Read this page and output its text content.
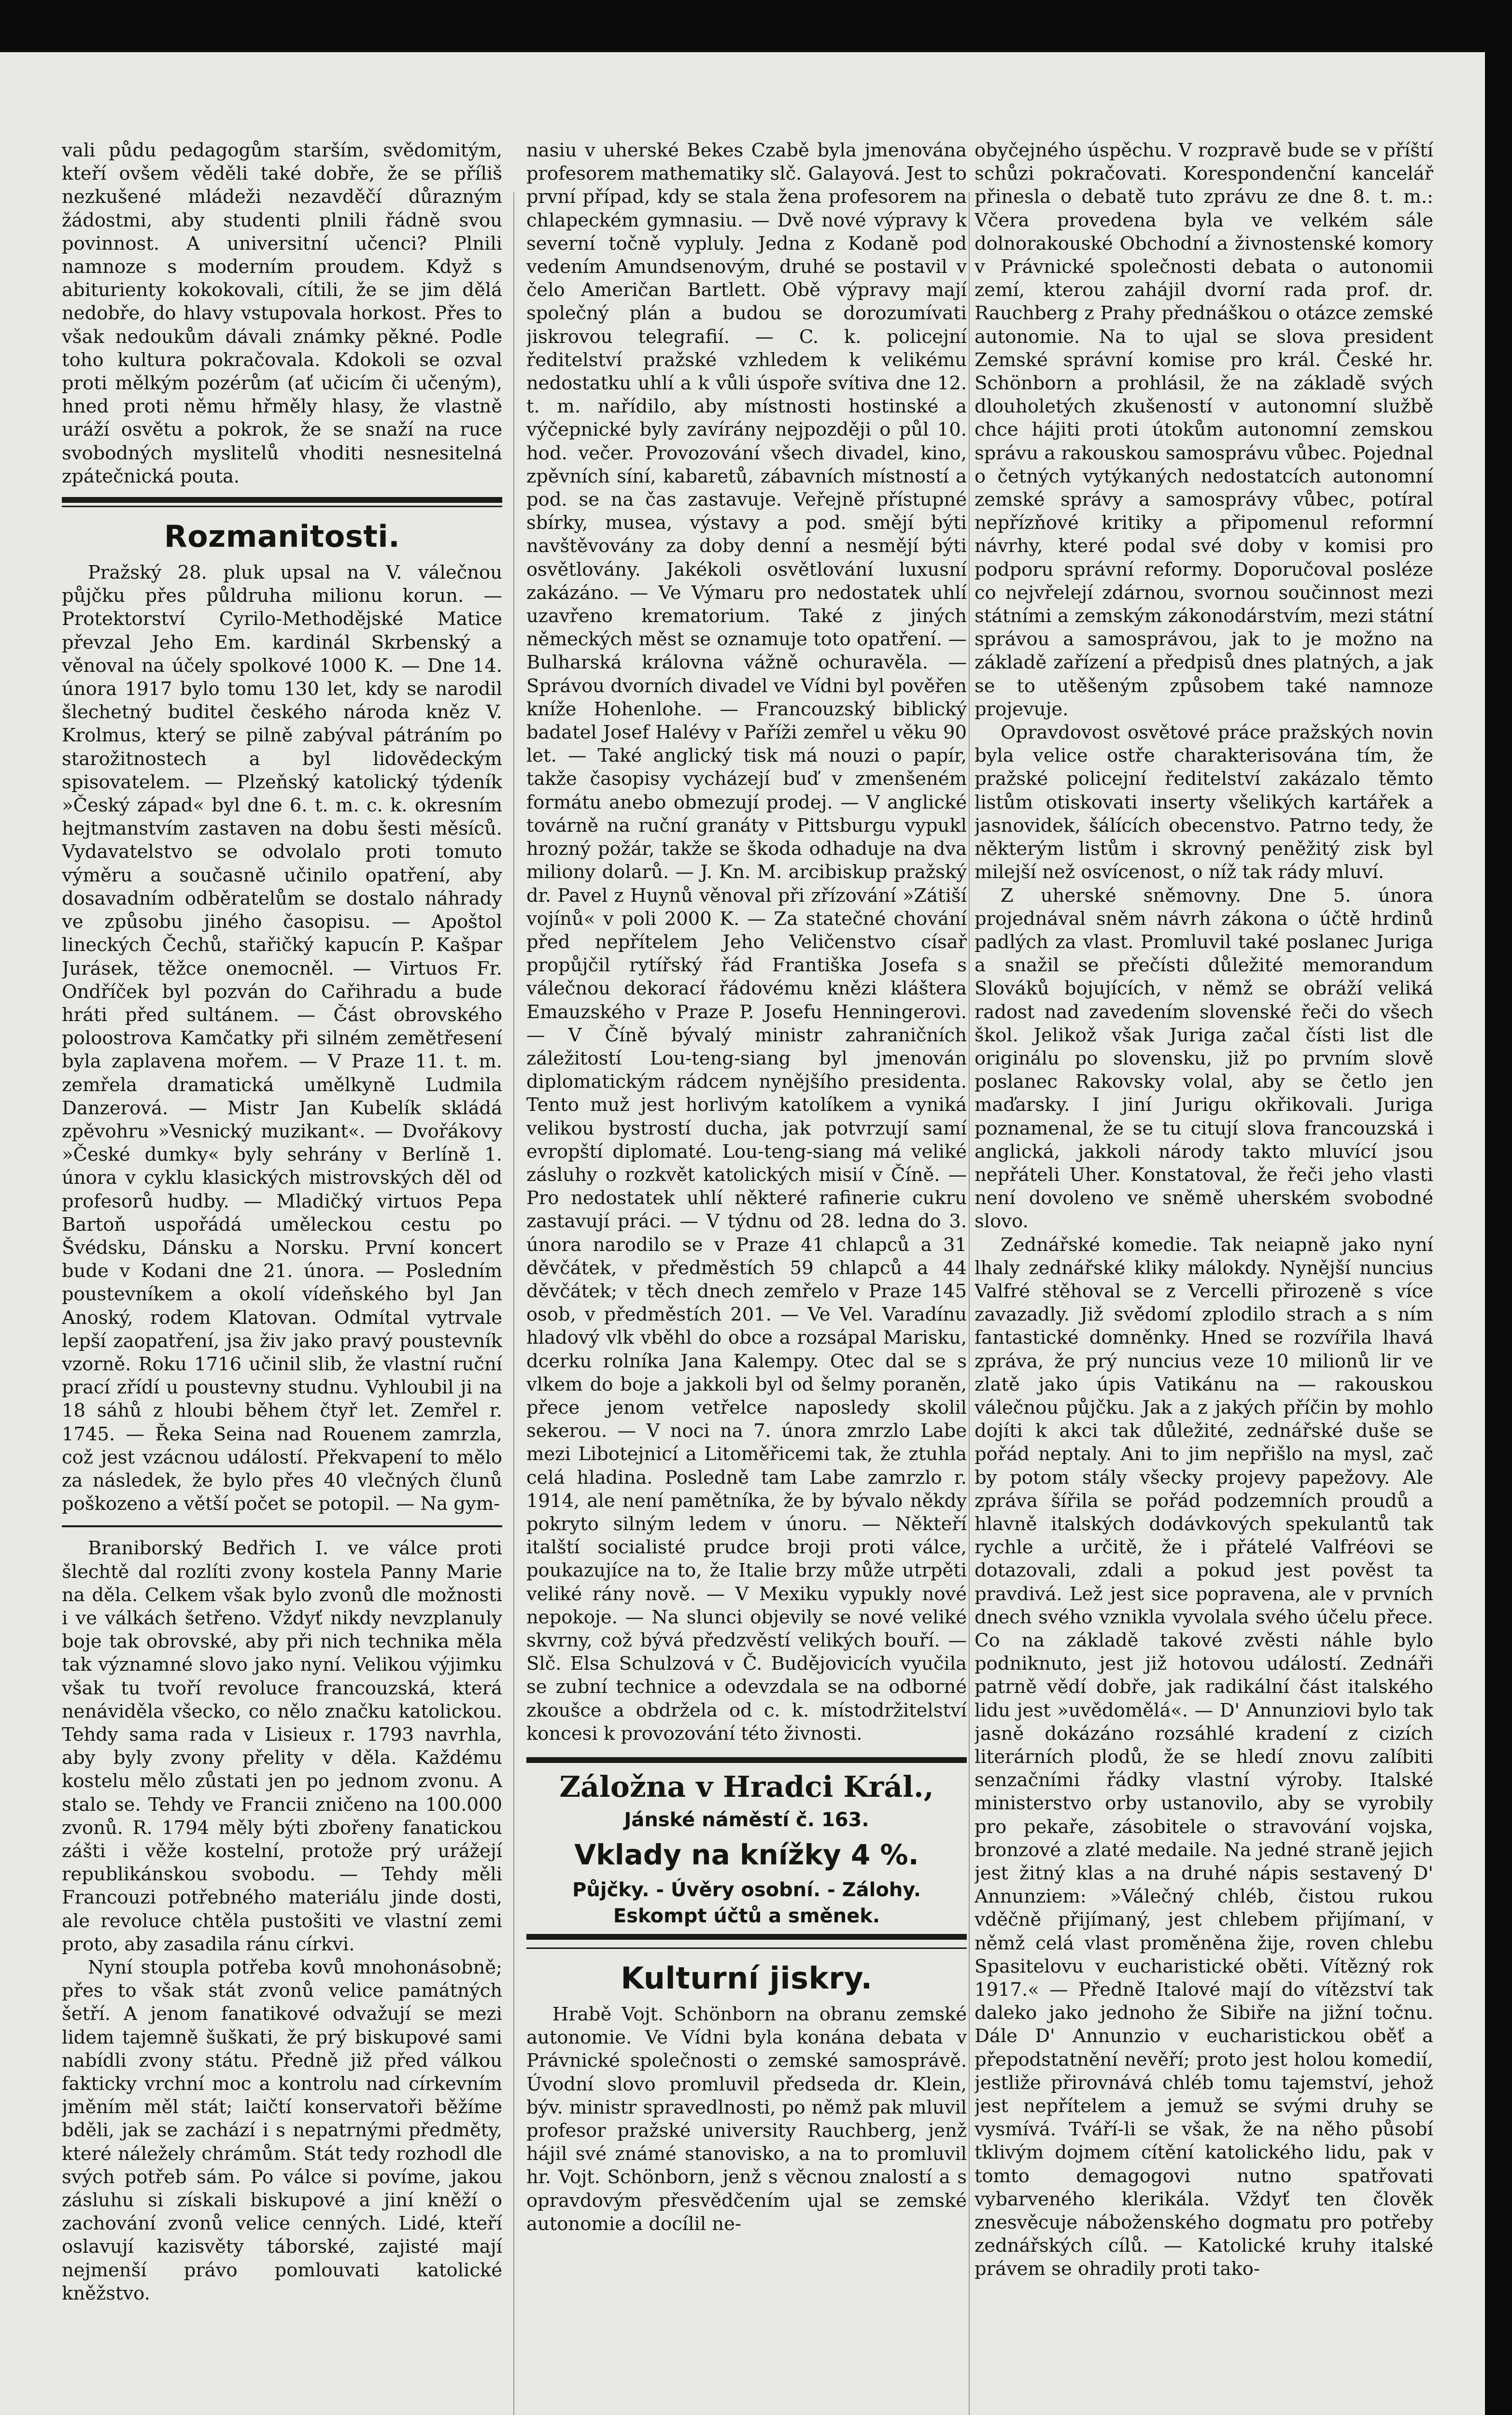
vali půdu pedagogům starším, svědomitým, kteří ovšem věděli také dobře, že se příliš nezkušené mládeži nezavděčí důrazným žádostmi, aby studenti plnili řádně svou povinnost. A universitní učenci? Plnili namnoze s moderním proudem. Když s abiturienty kokokovali, cítili, že se jim dělá nedobře, do hlavy vstupovala horkost. Přes to však nedoukům dávali známky pěkné. Podle toho kultura pokračovala. Kdokoli se ozval proti mělkým pozérům (ať učicím či učeným), hned proti němu hřměly hlasy, že vlastně uráží osvětu a pokrok, že se snaží na ruce svobodných myslitelů vhoditi nesnesitelná zpátečnická pouta.

Rozmanitosti.

Pražský 28. pluk upsal na V. válečnou půjčku přes půldruha milionu korun. — Protektorství Cyrilo-Methodějské Matice převzal Jeho Em. kardinál Skrbenský a věnoval na účely spolkové 1000 K. — Dne 14. února 1917 bylo tomu 130 let, kdy se narodil šlechetný buditel českého národa kněz V. Krolmus, který se pilně zabýval pátráním po starožitnostech a byl lidovědeckým spisovatelem. — Plzeňský katolický týdeník »Český západ« byl dne 6. t. m. c. k. okresním hejtmanstvím zastaven na dobu šesti měsíců. Vydavatelstvo se odvolalo proti tomuto výměru a současně učinilo opatření, aby dosavadním odběratelům se dostalo náhrady ve způsobu jiného časopisu. — Apoštol lineckých Čechů, stařičký kapucín P. Kašpar Jurásek, těžce onemocněl. — Virtuos Fr. Ondříček byl pozván do Cařihradu a bude hráti před sultánem. — Část obrovského poloostrova Kamčatky při silném zemětřesení byla zaplavena mořem. — V Praze 11. t. m. zemřela dramatická umělkyně Ludmila Danzerová. — Mistr Jan Kubelík skládá zpěvohru »Vesnický muzikant«. — Dvořákovy »České dumky« byly sehrány v Berlíně 1. února v cyklu klasických mistrovských děl od profesorů hudby. — Mladičký virtuos Pepa Bartoň uspořádá uměleckou cestu po Švédsku, Dánsku a Norsku. První koncert bude v Kodani dne 21. února. — Posledním poustevníkem a okolí vídeňského byl Jan Anoský, rodem Klatovan. Odmítal vytrvale lepší zaopatření, jsa živ jako pravý poustevník vzorně. Roku 1716 učinil slib, že vlastní ruční prací zřídí u poustevny studnu. Vyhloubil ji na 18 sáhů z hloubi během čtyř let. Zemřel r. 1745. — Řeka Seina nad Rouenem zamrzla, což jest vzácnou událostí. Překvapení to mělo za následek, že bylo přes 40 vlečných člunů poškozeno a větší počet se potopil. — Na gym-

Braniborský Bedřich I. ve válce proti šlechtě dal rozlíti zvony kostela Panny Marie na děla. Celkem však bylo zvonů dle možnosti i ve válkách šetřeno. Vždyť nikdy nevzplanuly boje tak obrovské, aby při nich technika měla tak významné slovo jako nyní. Velikou výjimku však tu tvoří revoluce francouzská, která nenáviděla všecko, co nělo značku katolickou. Tehdy sama rada v Lisieux r. 1793 navrhla, aby byly zvony přelity v děla. Každému kostelu mělo zůstati jen po jednom zvonu. A stalo se. Tehdy ve Francii zničeno na 100.000 zvonů. R. 1794 měly býti zbořeny fanatickou zášti i věže kostelní, protože prý urážejí republikánskou svobodu. — Tehdy měli Francouzi potřebného materiálu jinde dosti, ale revoluce chtěla pustošiti ve vlastní zemi proto, aby zasadila ránu církvi.

Nyní stoupla potřeba kovů mnohonásobně; přes to však stát zvonů velice památných šetří. A jenom fanatikové odvažují se mezi lidem tajemně šuškati, že prý biskupové sami nabídli zvony státu. Předně již před válkou fakticky vrchní moc a kontrolu nad církevním jměním měl stát; laičtí konservatoři běžíme bděli, jak se zachází i s nepatrnými předměty, které náležely chrámům. Stát tedy rozhodl dle svých potřeb sám. Po válce si povíme, jakou zásluhu si získali biskupové a jiní kněží o zachování zvonů velice cenných. Lidé, kteří oslavují kazisvěty táborské, zajisté mají nejmenší právo pomlouvati katolické kněžstvo.

nasiu v uherské Bekes Czabě byla jmenována profesorem mathematiky slč. Galayová. Jest to první případ, kdy se stala žena profesorem na chlapeckém gymnasiu. — Dvě nové výpravy k severní točně vypluly. Jedna z Kodaně pod vedením Amundsenovým, druhé se postavil v čelo Američan Bartlett. Obě výpravy mají společný plán a budou se dorozumívati jiskrovou telegrafií. — C. k. policejní ředitelství pražské vzhledem k velikému nedostatku uhlí a k vůli úspoře svítiva dne 12. t. m. nařídilo, aby místnosti hostinské a výčepnické byly zavírány nejpozději o půl 10. hod. večer. Provozování všech divadel, kino, zpěvních síní, kabaretů, zábavních místností a pod. se na čas zastavuje. Veřejně přístupné sbírky, musea, výstavy a pod. smějí býti navštěvovány za doby denní a nesmějí býti osvětlovány. Jakékoli osvětlování luxusní zakázáno. — Ve Výmaru pro nedostatek uhlí uzavřeno krematorium. Také z jiných německých měst se oznamuje toto opatření. — Bulharská královna vážně ochuravěla. — Správou dvorních divadel ve Vídni byl pověřen kníže Hohenlohe. — Francouzský biblický badatel Josef Halévy v Paříži zemřel u věku 90 let. — Také anglický tisk má nouzi o papír, takže časopisy vycházejí buď v zmenšeném formátu anebo obmezují prodej. — V anglické továrně na ruční granáty v Pittsburgu vypukl hrozný požár, takže se škoda odhaduje na dva miliony dolarů. — J. Kn. M. arcibiskup pražský dr. Pavel z Huynů věnoval při zřízování »Zátiší vojínů« v poli 2000 K. — Za statečné chování před nepřítelem Jeho Veličenstvo císař propůjčil rytířský řád Františka Josefa s válečnou dekorací řádovému knězi kláštera Emauzského v Praze P. Josefu Henningerovi. — V Číně bývalý ministr zahraničních záležitostí Lou-teng-siang byl jmenován diplomatickým rádcem nynějšího presidenta. Tento muž jest horlivým katolíkem a vyniká velikou bystrostí ducha, jak potvrzují samí evropští diplomaté. Lou-teng-siang má veliké zásluhy o rozkvět katolických misií v Číně. — Pro nedostatek uhlí některé rafinerie cukru zastavují práci. — V týdnu od 28. ledna do 3. února narodilo se v Praze 41 chlapců a 31 děvčátek, v předměstích 59 chlapců a 44 děvčátek; v těch dnech zemřelo v Praze 145 osob, v předměstích 201. — Ve Vel. Varadínu hladový vlk vběhl do obce a rozsápal Marisku, dcerku rolníka Jana Kalempy. Otec dal se s vlkem do boje a jakkoli byl od šelmy poraněn, přece jenom vetřelce naposledy skolil sekerou. — V noci na 7. února zmrzlo Labe mezi Libotejnicí a Litoměřicemi tak, že ztuhla celá hladina. Posledně tam Labe zamrzlo r. 1914, ale není pamětníka, že by bývalo někdy pokryto silným ledem v únoru. — Někteří italští socialisté prudce broji proti válce, poukazujíce na to, že Italie brzy může utrpěti veliké rány nově. — V Mexiku vypukly nové nepokoje. — Na slunci objevily se nové veliké skvrny, což bývá předzvěstí velikých bouří. — Slč. Elsa Schulzová v Č. Budějovicích vyučila se zubní technice a odevzdala se na odborné zkoušce a obdržela od c. k. místodržitelství koncesi k provozování této živnosti.

Záložna v Hradci Král.,
Jánské náměstí č. 163.
Vklady na knížky 4 %.
Půjčky. - Úvěry osobní. - Zálohy.
Eskompt účtů a směnek.
Kulturní jiskry.

Hrabě Vojt. Schönborn na obranu zemské autonomie. Ve Vídni byla konána debata v Právnické společnosti o zemské samosprávě. Úvodní slovo promluvil předseda dr. Klein, býv. ministr spravedlnosti, po němž pak mluvil profesor pražské university Rauchberg, jenž hájil své známé stanovisko, a na to promluvil hr. Vojt. Schönborn, jenž s věcnou znalostí a s opravdovým přesvědčením ujal se zemské autonomie a docílil ne-

obyčejného úspěchu. V rozpravě bude se v příští schůzi pokračovati. Korespondenční kancelář přinesla o debatě tuto zprávu ze dne 8. t. m.: Včera provedena byla ve velkém sále dolnorakouské Obchodní a živnostenské komory v Právnické společnosti debata o autonomii zemí, kterou zahájil dvorní rada prof. dr. Rauchberg z Prahy přednáškou o otázce zemské autonomie. Na to ujal se slova president Zemské správní komise pro král. České hr. Schönborn a prohlásil, že na základě svých dlouholetých zkušeností v autonomní službě chce hájiti proti útokům autonomní zemskou správu a rakouskou samosprávu vůbec. Pojednal o četných vytýkaných nedostatcích autonomní zemské správy a samosprávy vůbec, potíral nepřízňové kritiky a připomenul reformní návrhy, které podal své doby v komisi pro podporu správní reformy. Doporučoval posléze co nejvřelejí zdárnou, svornou součinnost mezi státními a zemským zákonodárstvím, mezi státní správou a samosprávou, jak to je možno na základě zařízení a předpisů dnes platných, a jak se to utěšeným způsobem také namnoze projevuje.

Opravdovost osvětové práce pražských novin byla velice ostře charakterisována tím, že pražské policejní ředitelství zakázalo těmto listům otiskovati inserty všelikých kartářek a jasnovidek, šálících obecenstvo. Patrno tedy, že některým listům i skrovný peněžitý zisk byl milejší než osvícenost, o níž tak rády mluví.

Z uherské sněmovny. Dne 5. února projednával sněm návrh zákona o účtě hrdinů padlých za vlast. Promluvil také poslanec Juriga a snažil se přečísti důležité memorandum Slováků bojujících, v němž se obráží veliká radost nad zavedením slovenské řeči do všech škol. Jelikož však Juriga začal čísti list dle originálu po slovensku, již po prvním slově poslanec Rakovsky volal, aby se četlo jen maďarsky. I jiní Jurigu okřikovali. Juriga poznamenal, že se tu citují slova francouzská i anglická, jakkoli národy takto mluvící jsou nepřáteli Uher. Konstatoval, že řeči jeho vlasti není dovoleno ve sněmě uherském svobodné slovo.

Zednářské komedie. Tak neiapně jako nyní lhaly zednářské kliky málokdy. Nynější nuncius Valfré stěhoval se z Vercelli přirozeně s více zavazadly. Již svědomí zplodilo strach a s ním fantastické domněnky. Hned se rozvířila lhavá zpráva, že prý nuncius veze 10 milionů lir ve zlatě jako úpis Vatikánu na — rakouskou válečnou půjčku. Jak a z jakých příčin by mohlo dojíti k akci tak důležité, zednářské duše se pořád neptaly. Ani to jim nepřišlo na mysl, zač by potom stály všecky projevy papežovy. Ale zpráva šířila se pořád podzemních proudů a hlavně italských dodávkových spekulantů tak rychle a určitě, že i přátelé Valfréovi se dotazovali, zdali a pokud jest pověst ta pravdivá. Lež jest sice popravena, ale v prvních dnech svého vznikla vyvolala svého účelu přece. Co na základě takové zvěsti náhle bylo podniknuto, jest již hotovou událostí. Zednáři patrně vědí dobře, jak radikální část italského lidu jest »uvědomělá«. — D' Annunziovi bylo tak jasně dokázáno rozsáhlé kradení z cizích literárních plodů, že se hledí znovu zalíbiti senzačními řádky vlastní výroby. Italské ministerstvo orby ustanovilo, aby se vyrobily pro pekaře, zásobitele o stravování vojska, bronzové a zlaté medaile. Na jedné straně jejich jest žitný klas a na druhé nápis sestavený D' Annunziem: »Válečný chléb, čistou rukou vděčně přijímaný, jest chlebem přijímaní, v němž celá vlast proměněna žije, roven chlebu Spasitelovu v eucharistické oběti. Vítězný rok 1917.« — Předně Italové mají do vítězství tak daleko jako jednoho že Sibiře na jižní točnu. Dále D' Annunzio v eucharistickou oběť a přepodstatnění nevěří; proto jest holou komedií, jestliže přirovnává chléb tomu tajemství, jehož jest nepřítelem a jemuž se svými druhy se vysmívá. Tváří-li se však, že na něho působí tklivým dojmem cítění katolického lidu, pak v tomto demagogovi nutno spatřovati vybarveného klerikála. Vždyť ten člověk znesvěcuje náboženského dogmatu pro potřeby zednářských cílů. — Katolické kruhy italské právem se ohradily proti tako-
